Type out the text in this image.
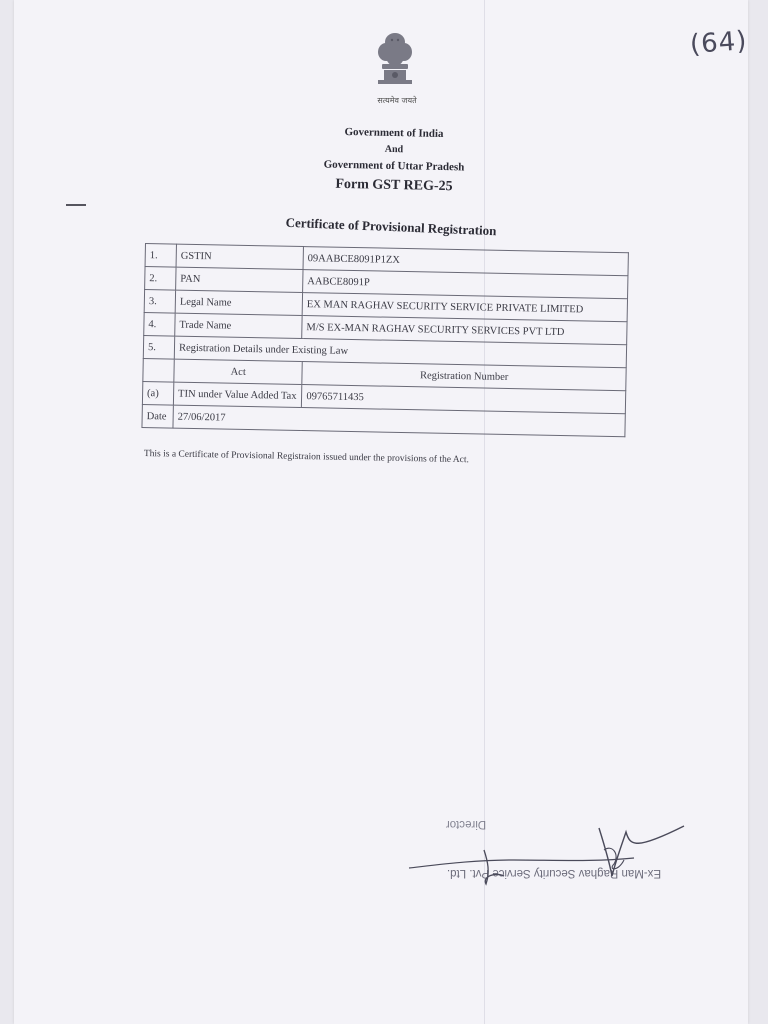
(64)
सत्यमेव जयते
Government of India
And
Government of Uttar Pradesh
Form GST REG-25
Certificate of Provisional Registration
1.	GSTIN	09AABCE8091P1ZX
2.	PAN	AABCE8091P
3.	Legal Name	EX MAN RAGHAV SECURITY SERVICE PRIVATE LIMITED
4.	Trade Name	M/S EX-MAN RAGHAV SECURITY SERVICES PVT LTD
5.	Registration Details under Existing Law	
	Act	Registration Number
(a)	TIN under Value Added Tax	09765711435
Date	27/06/2017	
This is a Certificate of Provisional Registraion issued under the provisions of the Act.
Director
Ex-Man Raghav Security Service Pvt. Ltd.
